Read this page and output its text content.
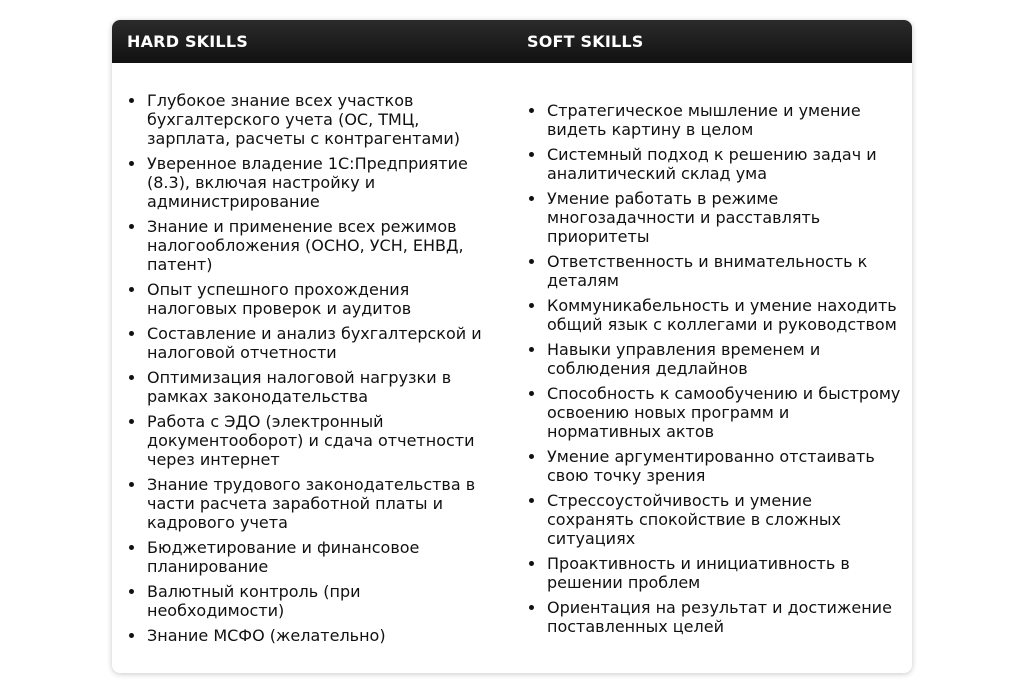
HARD SKILLS	SOFT SKILLS
Глубокое знание всех участков бухгалтерского учета (ОС, ТМЦ, зарплата, расчеты с контрагентами)
Уверенное владение 1С:Предприятие (8.3), включая настройку и администрирование
Знание и применение всех режимов налогообложения (ОСНО, УСН, ЕНВД, патент)
Опыт успешного прохождения налоговых проверок и аудитов
Составление и анализ бухгалтерской и налоговой отчетности
Оптимизация налоговой нагрузки в рамках законодательства
Работа с ЭДО (электронный документооборот) и сдача отчетности через интернет
Знание трудового законодательства в части расчета заработной платы и кадрового учета
Бюджетирование и финансовое планирование
Валютный контроль (при необходимости)
Знание МСФО (желательно)
Стратегическое мышление и умение видеть картину в целом
Системный подход к решению задач и аналитический склад ума
Умение работать в режиме многозадачности и расставлять приоритеты
Ответственность и внимательность к деталям
Коммуникабельность и умение находить общий язык с коллегами и руководством
Навыки управления временем и соблюдения дедлайнов
Способность к самообучению и быстрому освоению новых программ и нормативных актов
Умение аргументированно отстаивать свою точку зрения
Стрессоустойчивость и умение сохранять спокойствие в сложных ситуациях
Проактивность и инициативность в решении проблем
Ориентация на результат и достижение поставленных целей
